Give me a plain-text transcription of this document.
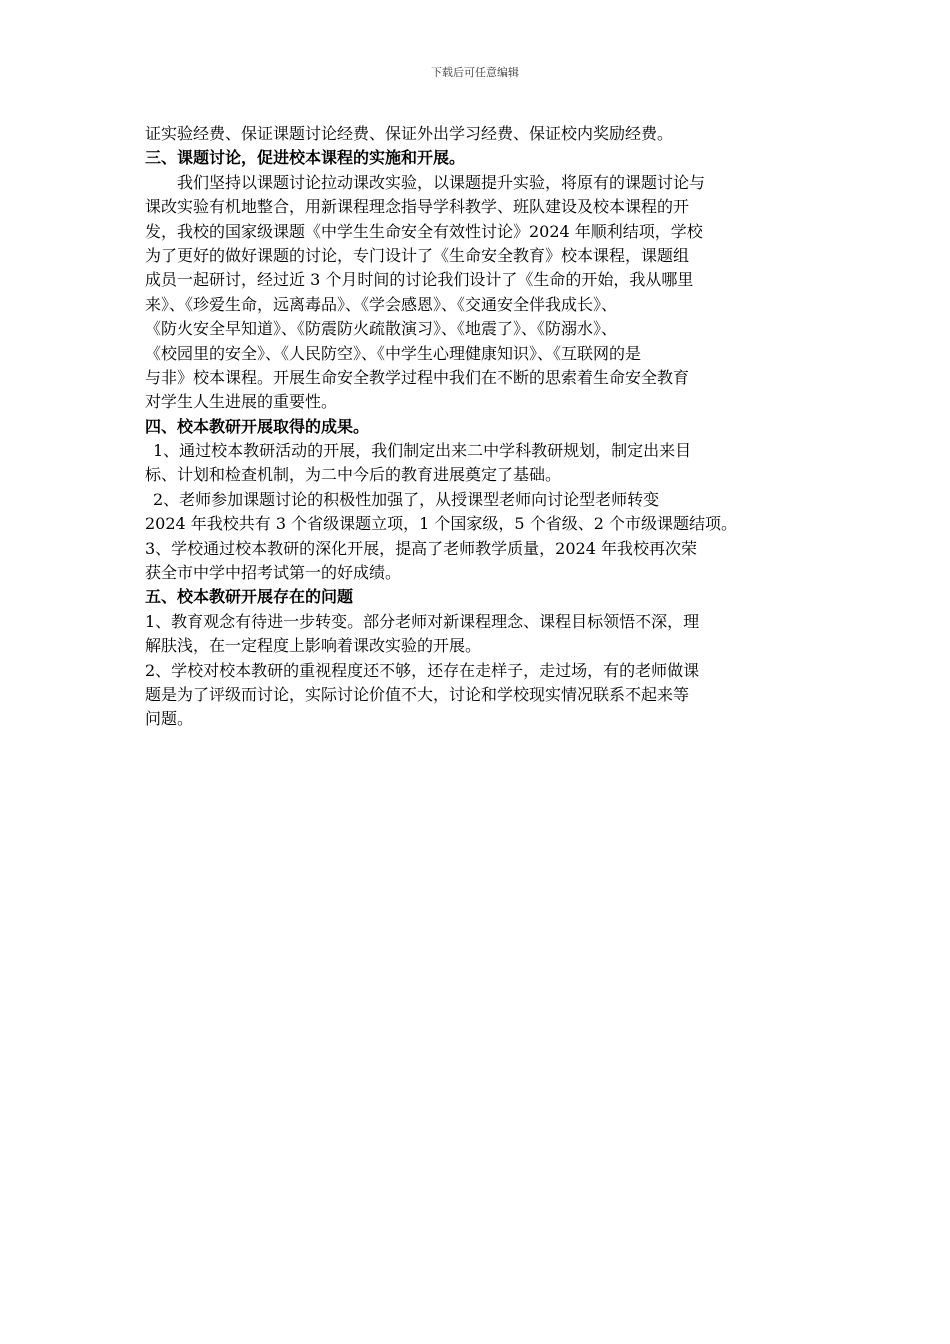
下载后可任意编辑
证实验经费、保证课题讨论经费、保证外出学习经费、保证校内奖励经费。
三、课题讨论，促进校本课程的实施和开展。
我们坚持以课题讨论拉动课改实验，以课题提升实验，将原有的课题讨论与
课改实验有机地整合，用新课程理念指导学科教学、班队建设及校本课程的开
发，我校的国家级课题《中学生生命安全有效性讨论》2024 年顺利结项，学校
为了更好的做好课题的讨论，专门设计了《生命安全教育》校本课程，课题组
成员一起研讨，经过近 3 个月时间的讨论我们设计了《生命的开始，我从哪里
来》、《珍爱生命，远离毒品》、《学会感恩》、《交通安全伴我成长》、
《防火安全早知道》、《防震防火疏散演习》、《地震了》、《防溺水》、
《校园里的安全》、《人民防空》、《中学生心理健康知识》、《互联网的是
与非》校本课程。开展生命安全教学过程中我们在不断的思索着生命安全教育
对学生人生进展的重要性。
四、校本教研开展取得的成果。
1、通过校本教研活动的开展，我们制定出来二中学科教研规划，制定出来目
标、计划和检查机制，为二中今后的教育进展奠定了基础。
2、老师参加课题讨论的积极性加强了，从授课型老师向讨论型老师转变
2024 年我校共有 3 个省级课题立项，1 个国家级，5 个省级、2 个市级课题结项。
3、学校通过校本教研的深化开展，提高了老师教学质量，2024 年我校再次荣
获全市中学中招考试第一的好成绩。
五、校本教研开展存在的问题
1、教育观念有待进一步转变。部分老师对新课程理念、课程目标领悟不深，理
解肤浅，在一定程度上影响着课改实验的开展。
2、学校对校本教研的重视程度还不够，还存在走样子，走过场，有的老师做课
题是为了评级而讨论，实际讨论价值不大，讨论和学校现实情况联系不起来等
问题。
